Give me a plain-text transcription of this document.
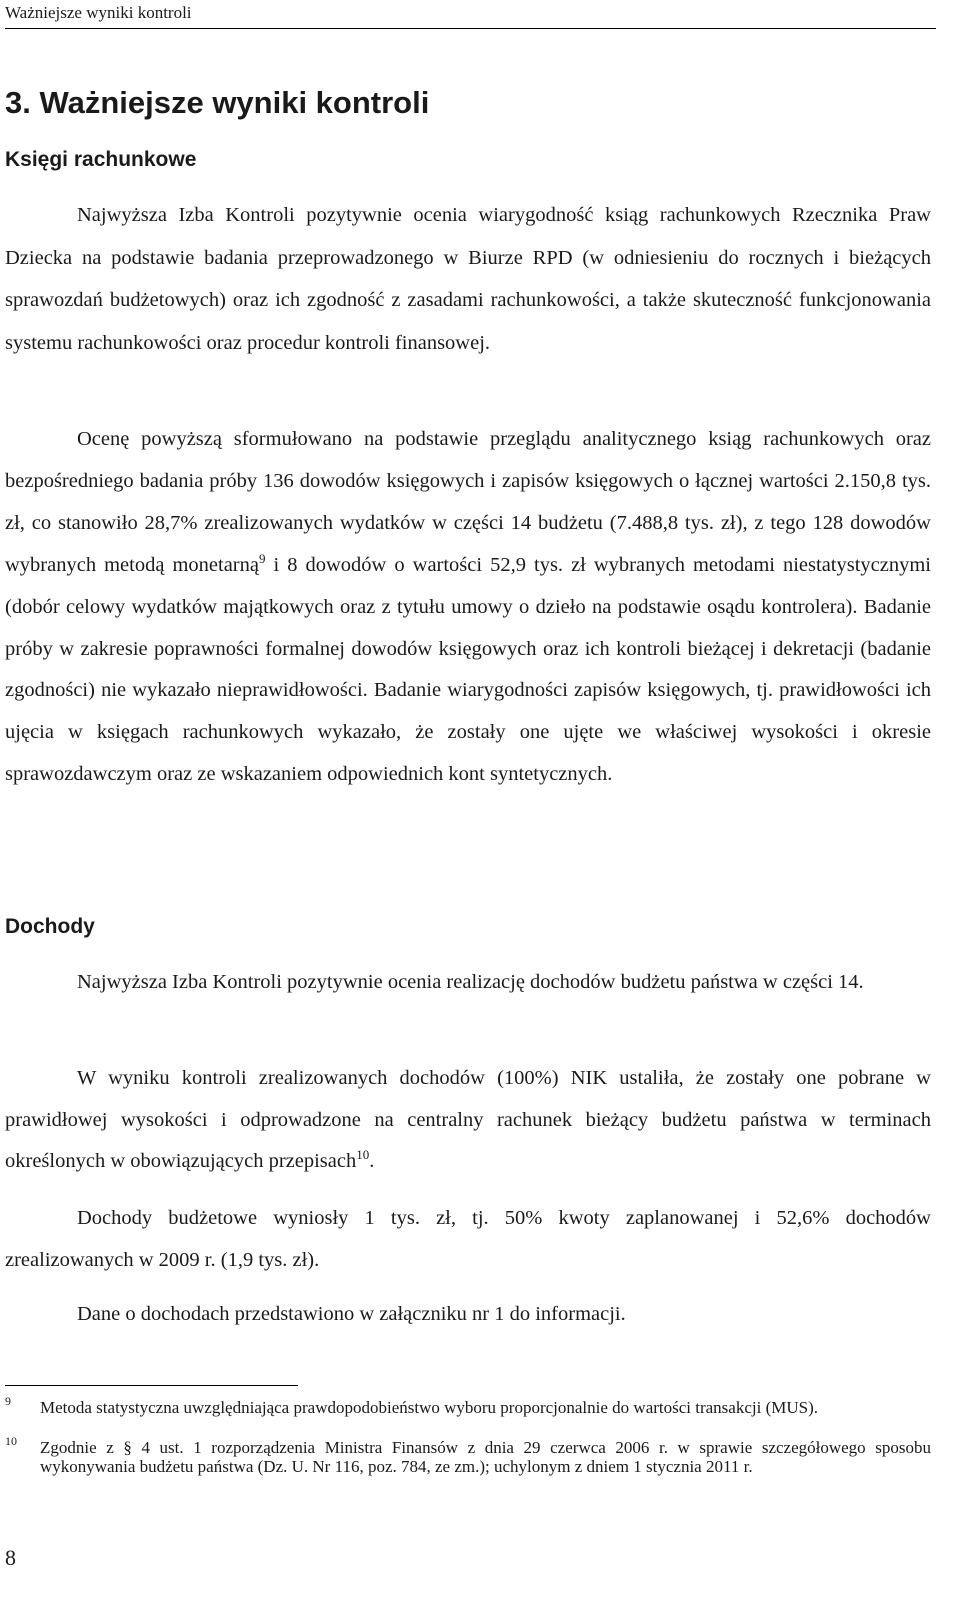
Ważniejsze wyniki kontroli
3. Ważniejsze wyniki kontroli
Księgi rachunkowe
Najwyższa Izba Kontroli pozytywnie ocenia wiarygodność ksiąg rachunkowych Rzecznika Praw Dziecka na podstawie badania przeprowadzonego w Biurze RPD (w odniesieniu do rocznych i bieżących sprawozdań budżetowych) oraz ich zgodność z zasadami rachunkowości, a także skuteczność funkcjonowania systemu rachunkowości oraz procedur kontroli finansowej.
Ocenę powyższą sformułowano na podstawie przeglądu analitycznego ksiąg rachunkowych oraz bezpośredniego badania próby 136 dowodów księgowych i zapisów księgowych o łącznej wartości 2.150,8 tys. zł, co stanowiło 28,7% zrealizowanych wydatków w części 14 budżetu (7.488,8 tys. zł), z tego 128 dowodów wybranych metodą monetarną$^9$ i 8 dowodów o wartości 52,9 tys. zł wybranych metodami niestatystycznymi (dobór celowy wydatków majątkowych oraz z tytułu umowy o dzieło na podstawie osądu kontrolera). Badanie próby w zakresie poprawności formalnej dowodów księgowych oraz ich kontroli bieżącej i dekretacji (badanie zgodności) nie wykazało nieprawidłowości. Badanie wiarygodności zapisów księgowych, tj. prawidłowości ich ujęcia w księgach rachunkowych wykazało, że zostały one ujęte we właściwej wysokości i okresie sprawozdawczym oraz ze wskazaniem odpowiednich kont syntetycznych.
Dochody
Najwyższa Izba Kontroli pozytywnie ocenia realizację dochodów budżetu państwa w części 14.
W wyniku kontroli zrealizowanych dochodów (100%) NIK ustaliła, że zostały one pobrane w prawidłowej wysokości i odprowadzone na centralny rachunek bieżący budżetu państwa w terminach określonych w obowiązujących przepisach$^{10}$.
Dochody budżetowe wyniosły 1 tys. zł, tj. 50% kwoty zaplanowanej i 52,6% dochodów zrealizowanych w 2009 r. (1,9 tys. zł).
Dane o dochodach przedstawiono w załączniku nr 1 do informacji.
9 Metoda statystyczna uwzględniająca prawdopodobieństwo wyboru proporcjonalnie do wartości transakcji (MUS).
10 Zgodnie z § 4 ust. 1 rozporządzenia Ministra Finansów z dnia 29 czerwca 2006 r. w sprawie szczegółowego sposobu wykonywania budżetu państwa (Dz. U. Nr 116, poz. 784, ze zm.); uchylonym z dniem 1 stycznia 2011 r.
8
